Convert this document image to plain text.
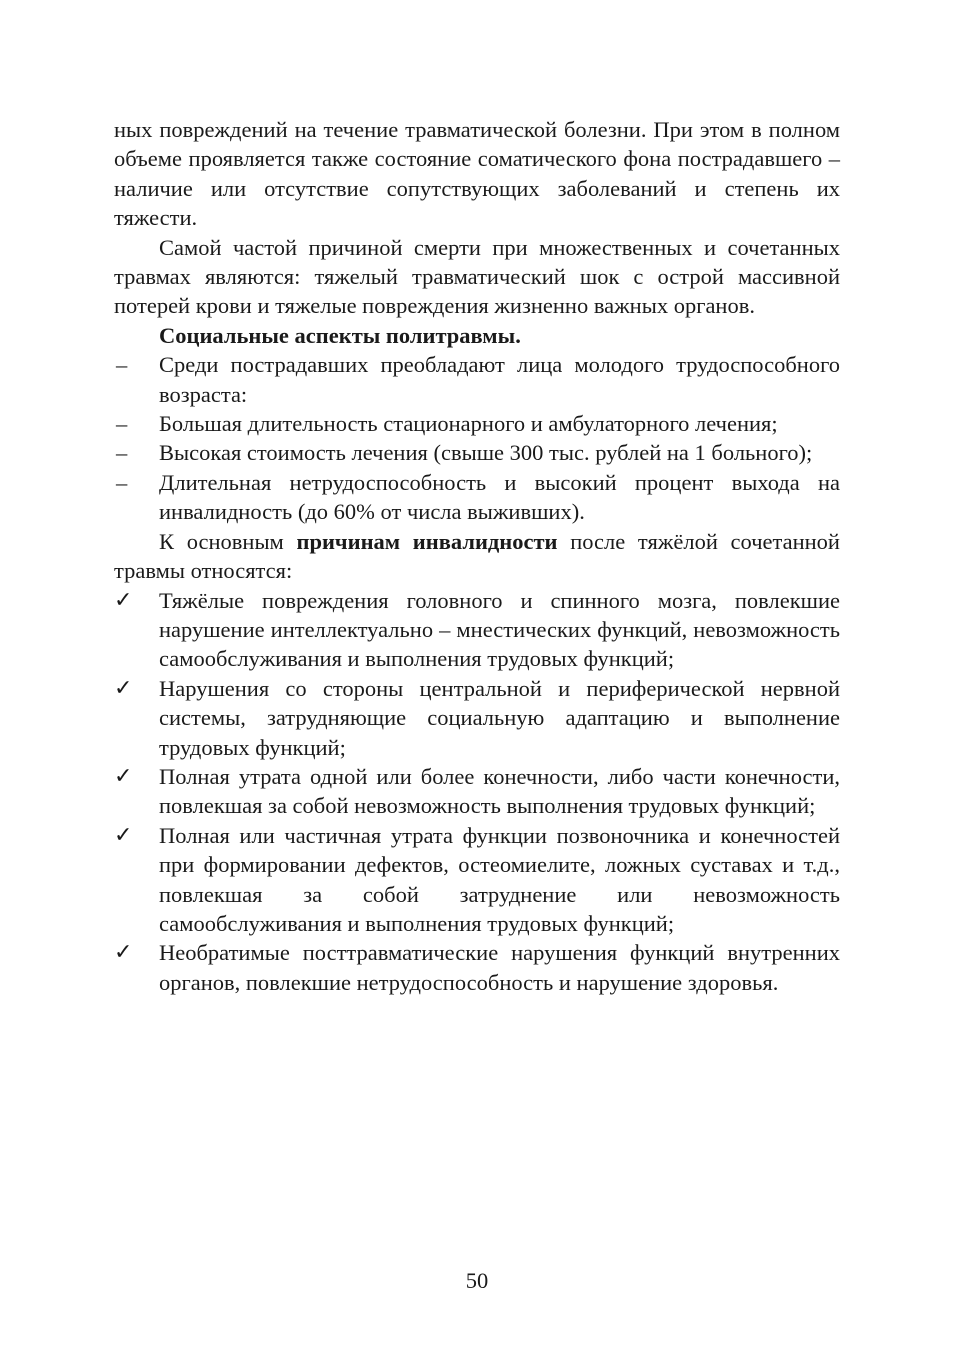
ных повреждений на течение травматической болезни. При этом в полном объеме проявляется также состояние соматического фона пострадавшего – наличие или отсутствие сопутствующих заболеваний и степень их тяжести.

Самой частой причиной смерти при множественных и сочетанных травмах являются: тяжелый травматический шок с острой массивной потерей крови и тяжелые повреждения жизненно важных органов.

Социальные аспекты политравмы.

– Среди пострадавших преобладают лица молодого трудоспособного возраста:
– Большая длительность стационарного и амбулаторного лечения;
– Высокая стоимость лечения (свыше 300 тыс. рублей на 1 больного);
– Длительная нетрудоспособность и высокий процент выхода на инвалидность (до 60% от числа выживших).

К основным причинам инвалидности после тяжёлой сочетанной травмы относятся:

✓ Тяжёлые повреждения головного и спинного мозга, повлекшие нарушение интеллектуально – мнестических функций, невозможность самообслуживания и выполнения трудовых функций;
✓ Нарушения со стороны центральной и периферической нервной системы, затрудняющие социальную адаптацию и выполнение трудовых функций;
✓ Полная утрата одной или более конечности, либо части конечности, повлекшая за собой невозможность выполнения трудовых функций;
✓ Полная или частичная утрата функции позвоночника и конечностей при формировании дефектов, остеомиелите, ложных суставах и т.д., повлекшая за собой затруднение или невозможность самообслуживания и выполнения трудовых функций;
✓ Необратимые посттравматические нарушения функций внутренних органов, повлекшие нетрудоспособность и нарушение здоровья.
50
